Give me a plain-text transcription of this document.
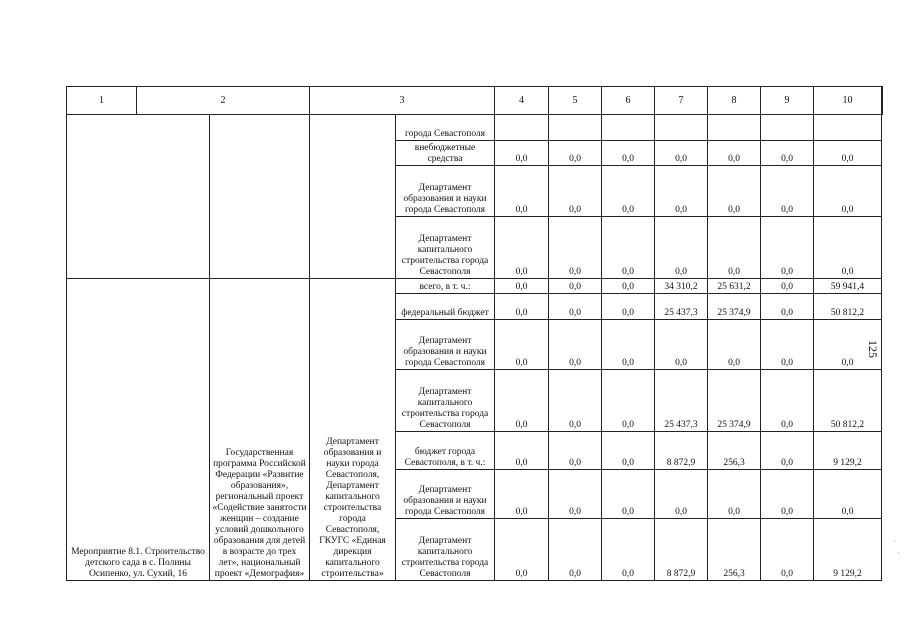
1	2		3		4	5	6	7	8	9	10	
				города Севастополя								
				внебюджетные средства	0,0	0,0	0,0	0,0	0,0	0,0	0,0	
				Департамент образования и науки города Севастополя	0,0	0,0	0,0	0,0	0,0	0,0	0,0	
				Департамент капитального строительства города Севастополя	0,0	0,0	0,0	0,0	0,0	0,0	0,0	
Мероприятие 8.1. Строительство детского сада в с. Полины Осипенко, ул. Сухий, 16		Государственная программа Российской Федерации «Развитие образования», региональный проект «Содействие занятости женщин – создание условий дошкольного образования для детей в возрасте до трех лет», национальный проект «Демография»	Департамент образования и науки города Севастополя, Департамент капитального строительства города Севастополя, ГКУГС «Единая дирекция капитального строительства»	всего, в т. ч.:	0,0	0,0	0,0	34 310,2	25 631,2	0,0	59 941,4	
				федеральный бюджет	0,0	0,0	0,0	25 437,3	25 374,9	0,0	50 812,2	
				Департамент образования и науки города Севастополя	0,0	0,0	0,0	0,0	0,0	0,0	0,0	
				Департамент капитального строительства города Севастополя	0,0	0,0	0,0	25 437,3	25 374,9	0,0	50 812,2	
				бюджет города Севастополя, в т. ч.:	0,0	0,0	0,0	8 872,9	256,3	0,0	9 129,2	
				Департамент образования и науки города Севастополя	0,0	0,0	0,0	0,0	0,0	0,0	0,0	
				Департамент капитального строительства города Севастополя	0,0	0,0	0,0	8 872,9	256,3	0,0	9 129,2	
125
·
·
